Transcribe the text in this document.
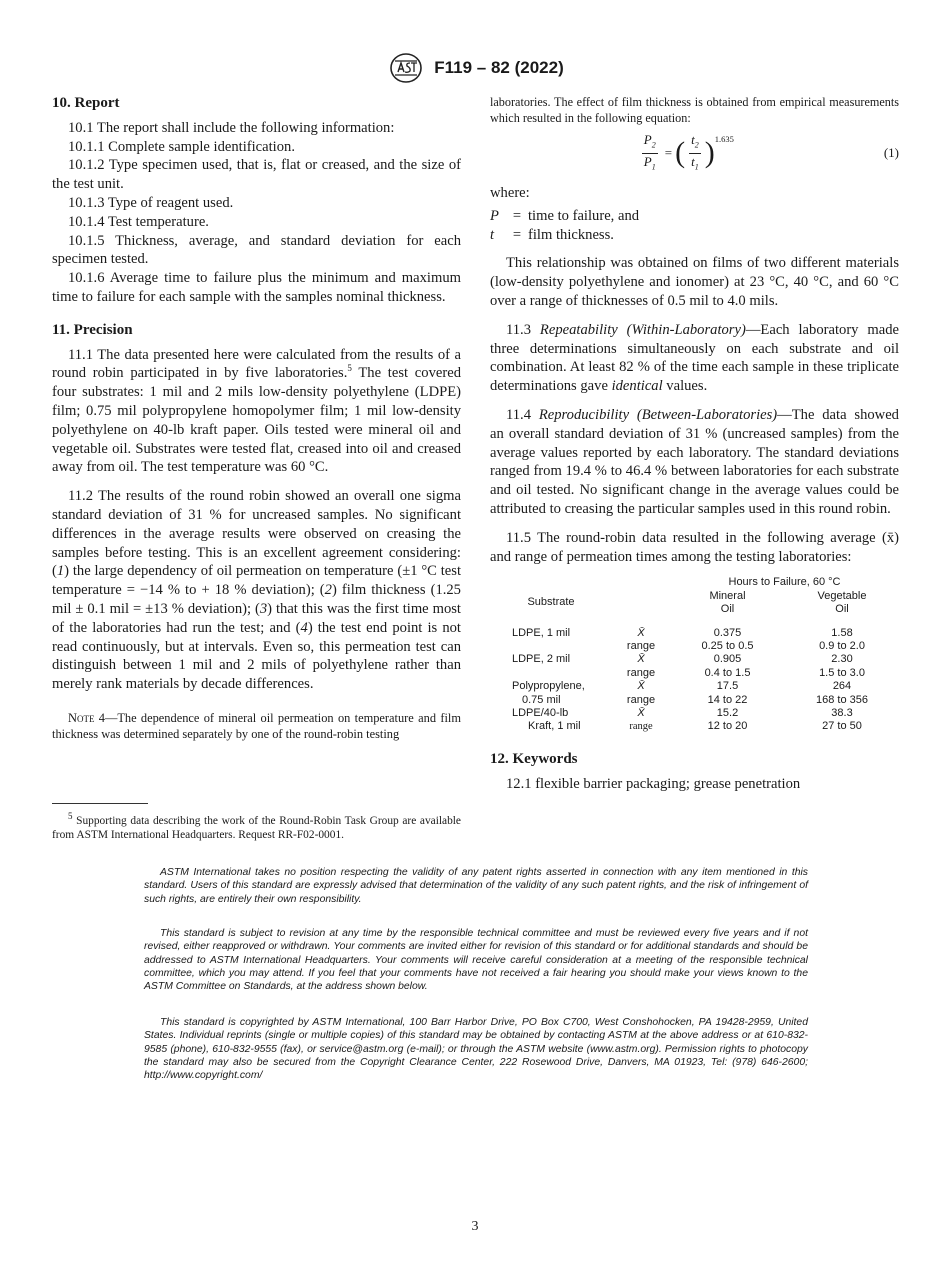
F119 – 82 (2022)
10. Report

10.1 The report shall include the following information:

10.1.1 Complete sample identification.

10.1.2 Type specimen used, that is, flat or creased, and the size of the test unit.

10.1.3 Type of reagent used.

10.1.4 Test temperature.

10.1.5 Thickness, average, and standard deviation for each specimen tested.

10.1.6 Average time to failure plus the minimum and maximum time to failure for each sample with the samples nominal thickness.

11. Precision

11.1 The data presented here were calculated from the results of a round robin participated in by five laboratories.$^5$ The test covered four substrates: 1 mil and 2 mils low-density polyethylene (LDPE) film; 0.75 mil polypropylene homopolymer film; 1 mil low-density polyethylene on 40-lb kraft paper. Oils tested were mineral oil and vegetable oil. Substrates were tested flat, creased into oil and creased away from oil. The test temperature was 60 °C.

11.2 The results of the round robin showed an overall one sigma standard deviation of 31 % for uncreased samples. No significant differences in the average results were observed on creasing the samples before testing. This is an excellent agreement considering: (1) the large dependency of oil permeation on temperature (±1 °C test temperature = −14 % to + 18 % deviation); (2) film thickness (1.25 mil ± 0.1 mil = ±13 % deviation); (3) that this was the first time most of the laboratories had run the test; and (4) the test end point is not read continuously, but at intervals. Even so, this permeation test can distinguish between 1 mil and 2 mils of polyethylene rather than merely rank materials by decade differences.

Note 4—The dependence of mineral oil permeation on temperature and film thickness was determined separately by one of the round-robin testing

$^5$ Supporting data describing the work of the Round-Robin Task Group are available from ASTM International Headquarters. Request RR-F02-0001.

laboratories. The effect of film thickness is obtained from empirical measurements which resulted in the following equation:

$\frac{P_2}{P_1}$ = ( $\frac{t_2}{t_1}$ ) 1.635
(1)

where:

P = time to failure, and
t	= film thickness.

This relationship was obtained on films of two different materials (low-density polyethylene and ionomer) at 23 °C, 40 °C, and 60 °C over a range of thicknesses of 0.5 mil to 4.0 mils.

11.3 Repeatability (Within-Laboratory)—Each laboratory made three determinations simultaneously on each substrate and oil combination. At least 82 % of the time each sample in these triplicate determinations gave identical values.

11.4 Reproducibility (Between-Laboratories)—The data showed an overall standard deviation of 31 % (uncreased samples) from the average values reported by each laboratory. The standard deviations ranged from 19.4 % to 46.4 % between laboratories for each substrate and oil tested. No significant change in the average values could be attributed to creasing the particular samples used in this round robin.

11.5 The round-robin data resulted in the following average (x̄) and range of permeation times among the testing laboratories:

		Hours to Failure, 60 °C	
Substrate		Mineral	Vegetable
		Oil	Oil

LDPE, 1 mil	X̄	0.375	1.58
	range	0.25 to 0.5	0.9 to 2.0
LDPE, 2 mil	X̄	0.905	2.30
	range	0.4 to 1.5	1.5 to 3.0
Polypropylene,	X̄	17.5	264
0.75 mil	range	14 to 22	168 to 356
LDPE/40-lb	X̄	15.2	38.3
Kraft, 1 mil	range	12 to 20	27 to 50
12. Keywords

12.1 flexible barrier packaging; grease penetration

ASTM International takes no position respecting the validity of any patent rights asserted in connection with any item mentioned in this standard. Users of this standard are expressly advised that determination of the validity of any such patent rights, and the risk of infringement of such rights, are entirely their own responsibility.

This standard is subject to revision at any time by the responsible technical committee and must be reviewed every five years and if not revised, either reapproved or withdrawn. Your comments are invited either for revision of this standard or for additional standards and should be addressed to ASTM International Headquarters. Your comments will receive careful consideration at a meeting of the responsible technical committee, which you may attend. If you feel that your comments have not received a fair hearing you should make your views known to the ASTM Committee on Standards, at the address shown below.

This standard is copyrighted by ASTM International, 100 Barr Harbor Drive, PO Box C700, West Conshohocken, PA 19428-2959, United States. Individual reprints (single or multiple copies) of this standard may be obtained by contacting ASTM at the above address or at 610-832-9585 (phone), 610-832-9555 (fax), or service@astm.org (e-mail); or through the ASTM website (www.astm.org). Permission rights to photocopy the standard may also be secured from the Copyright Clearance Center, 222 Rosewood Drive, Danvers, MA 01923, Tel: (978) 646-2600; http://www.copyright.com/

3
